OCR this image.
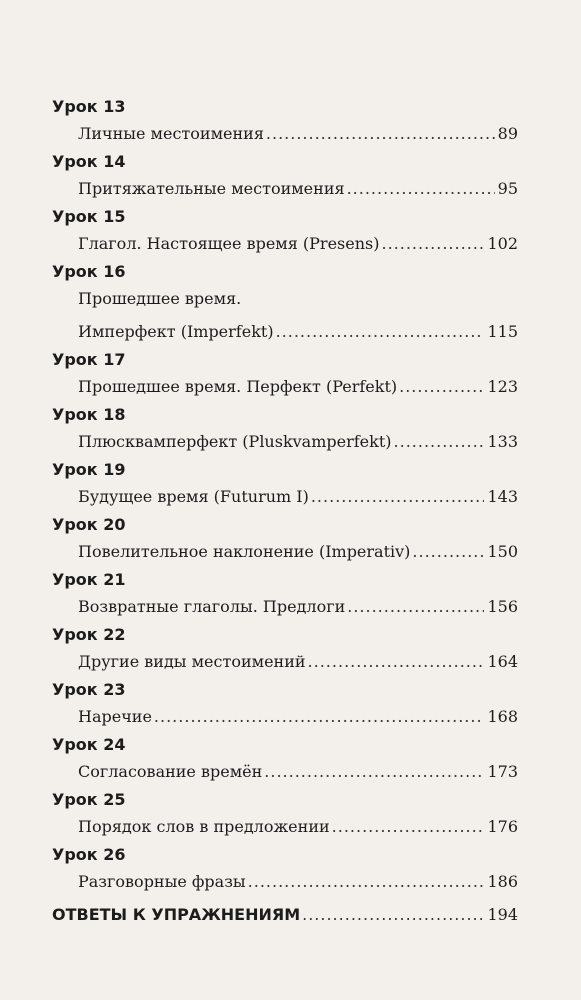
Урок 13
Личные местоимения .....	89
Урок 14
Притяжательные местоимения .....	95
Урок 15
Глагол. Настоящее время (Presens) .....	102
Урок 16
Прошедшее время.
Имперфект (Imperfekt) .....	115
Урок 17
Прошедшее время. Перфект (Perfekt) .....	123
Урок 18
Плюсквамперфект (Pluskvamperfekt) .....	133
Урок 19
Будущее время (Futurum I) .....	143
Урок 20
Повелительное наклонение (Imperativ) .....	150
Урок 21
Возвратные глаголы. Предлоги .....	156
Урок 22
Другие виды местоимений .....	164
Урок 23
Наречие .....	168
Урок 24
Согласование времён .....	173
Урок 25
Порядок слов в предложении .....	176
Урок 26
Разговорные фразы .....	186
ОТВЕТЫ К УПРАЖНЕНИЯМ .....	194
